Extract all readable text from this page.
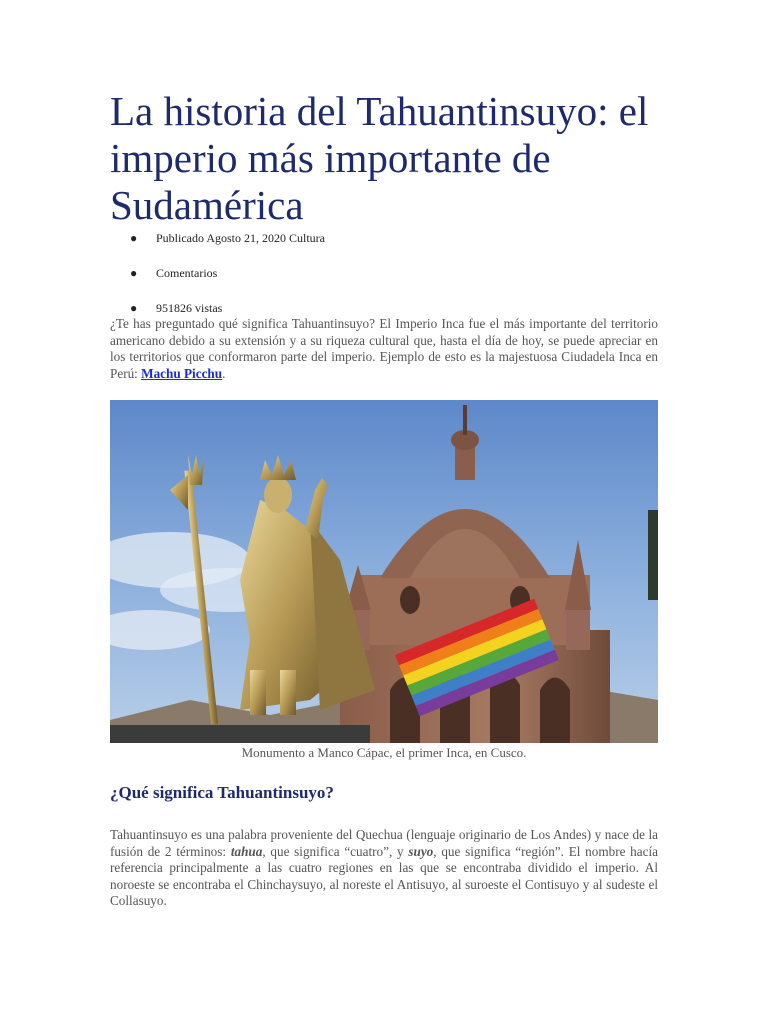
La historia del Tahuantinsuyo: el imperio más importante de Sudamérica
● Publicado Agosto 21, 2020 Cultura
● Comentarios
● 951826 vistas

¿Te has preguntado qué significa Tahuantinsuyo? El Imperio Inca fue el más importante del territorio americano debido a su extensión y a su riqueza cultural que, hasta el día de hoy, se puede apreciar en los territorios que conformaron parte del imperio. Ejemplo de esto es la majestuosa Ciudadela Inca en Perú: Machu Picchu.

Monumento a Manco Cápac, el primer Inca, en Cusco.
¿Qué significa Tahuantinsuyo?

Tahuantinsuyo es una palabra proveniente del Quechua (lenguaje originario de Los Andes) y nace de la fusión de 2 términos: tahua, que significa “cuatro”, y suyo, que significa “región”. El nombre hacía referencia principalmente a las cuatro regiones en las que se encontraba dividido el imperio. Al noroeste se encontraba el Chinchaysuyo, al noreste el Antisuyo, al suroeste el Contisuyo y al sudeste el Collasuyo.
